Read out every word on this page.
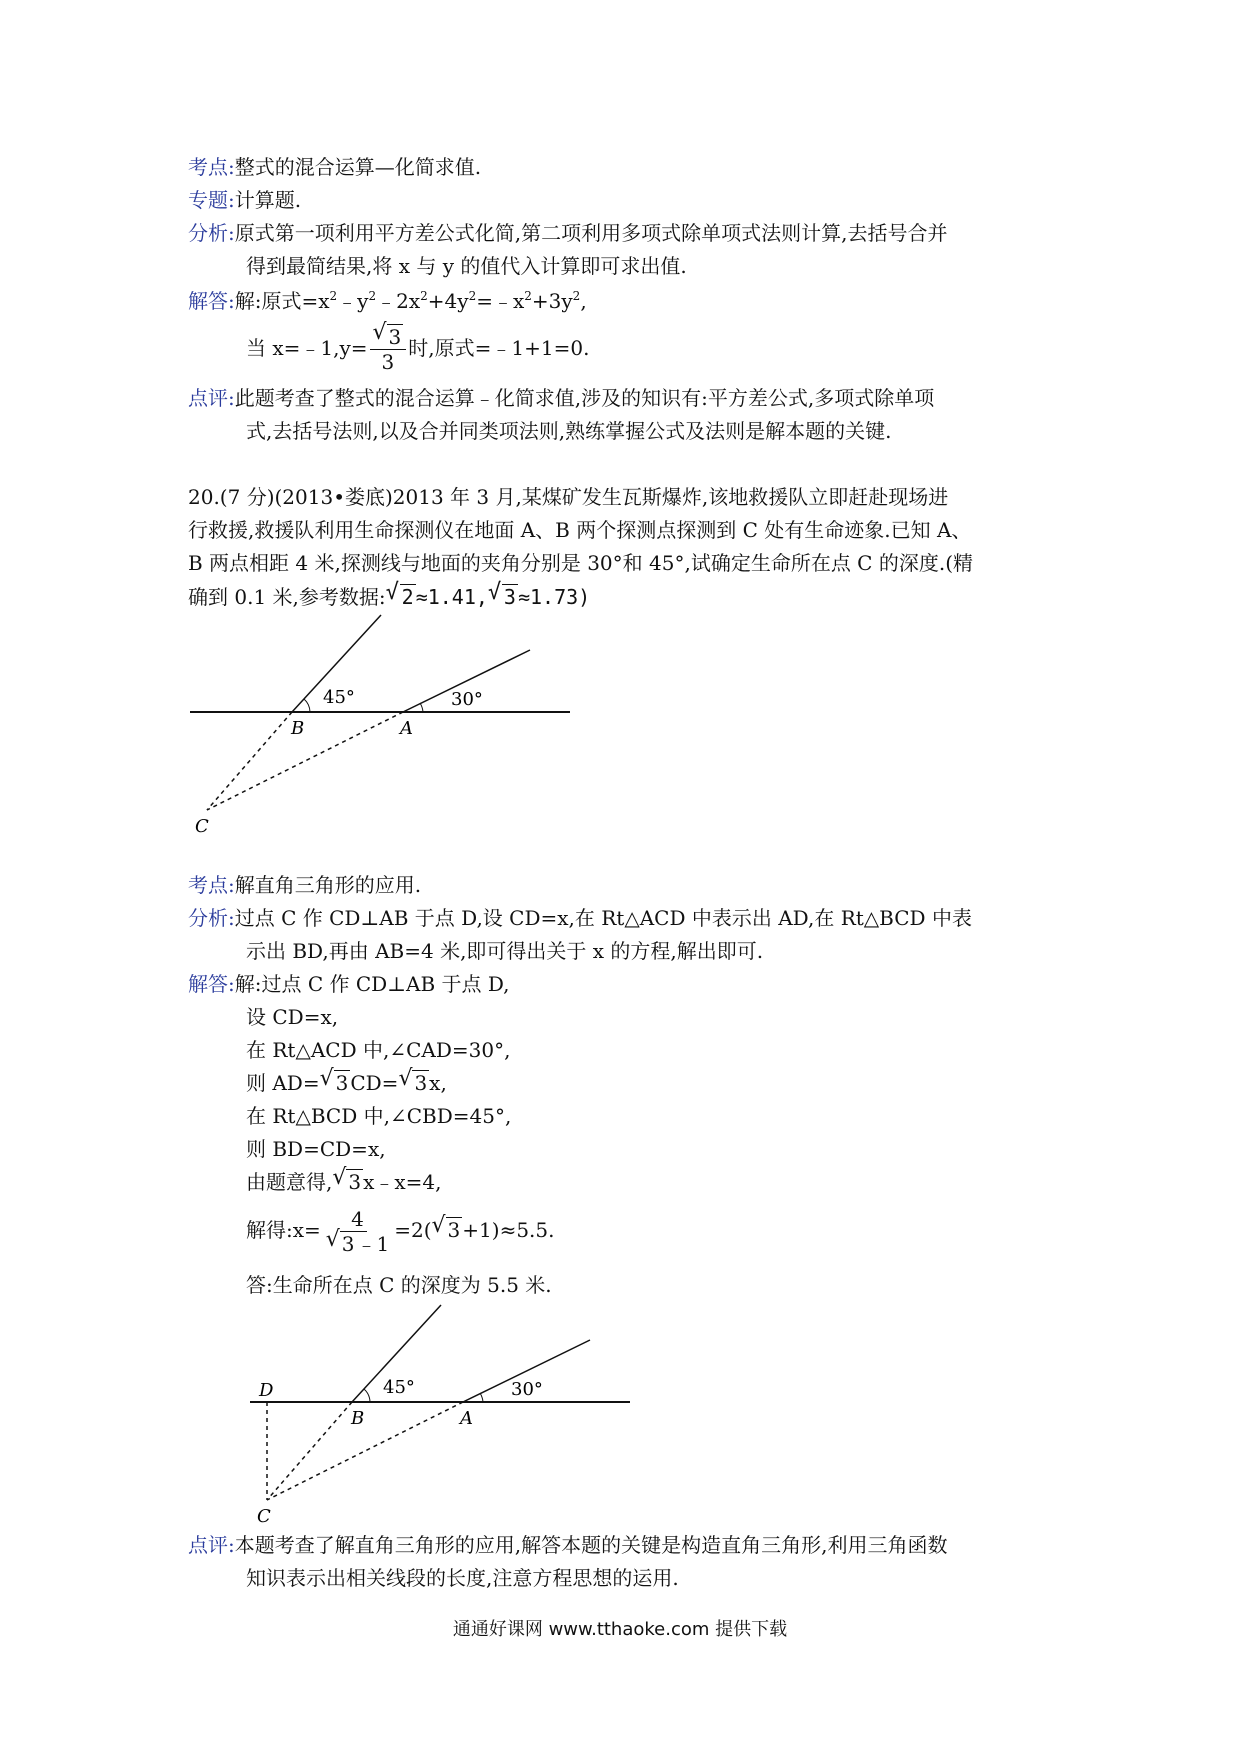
考点:整式的混合运算—化简求值.
专题:计算题.
分析:原式第一项利用平方差公式化简,第二项利用多项式除单项式法则计算,去括号合并
得到最简结果,将 x 与 y 的值代入计算即可求出值.
解答:解:原式$=x^2﹣y^2﹣2x^2+4y^2=﹣x^2+3y^2$,
当 x=﹣1,y= √ $\frac{3}{3}$ 时,原式=﹣1+1=0.
点评:此题考查了整式的混合运算﹣化简求值,涉及的知识有:平方差公式,多项式除单项
式,去括号法则,以及合并同类项法则,熟练掌握公式及法则是解本题的关键.
20.(7 分)(2013•娄底)2013 年 3 月,某煤矿发生瓦斯爆炸,该地救援队立即赶赴现场进
行救援,救援队利用生命探测仪在地面 A、B 两个探测点探测到 C 处有生命迹象.已知 A、
B 两点相距 4 米,探测线与地面的夹角分别是 30°和 45°,试确定生命所在点 C 的深度.(精
确到 0.1 米,参考数据: √ 2 ≈1.41, √ 3 ≈1.73)
45°	30°
B	A
C
考点:解直角三角形的应用.
分析:过点 C 作 CD⊥AB 于点 D,设 CD=x,在 Rt△ACD 中表示出 AD,在 Rt△BCD 中表
示出 BD,再由 AB=4 米,即可得出关于 x 的方程,解出即可.
解答:解:过点 C 作 CD⊥AB 于点 D,
设 CD=x,
在 Rt△ACD 中,∠CAD=30°,
则 AD= √ 3 CD= √ 3 x,
在 Rt△BCD 中,∠CBD=45°,
则 BD=CD=x,
由题意得, √ 3 x﹣x=4,
解得:x= 4
√ 3 ﹣1 =2( √ 3 +1)≈5.5.
答:生命所在点 C 的深度为 5.5 米.
45°	30°
D
B	A
C
点评:本题考查了解直角三角形的应用,解答本题的关键是构造直角三角形,利用三角函数
知识表示出相关线段的长度,注意方程思想的运用.
通通好课网 www.tthaoke.com 提供下载
